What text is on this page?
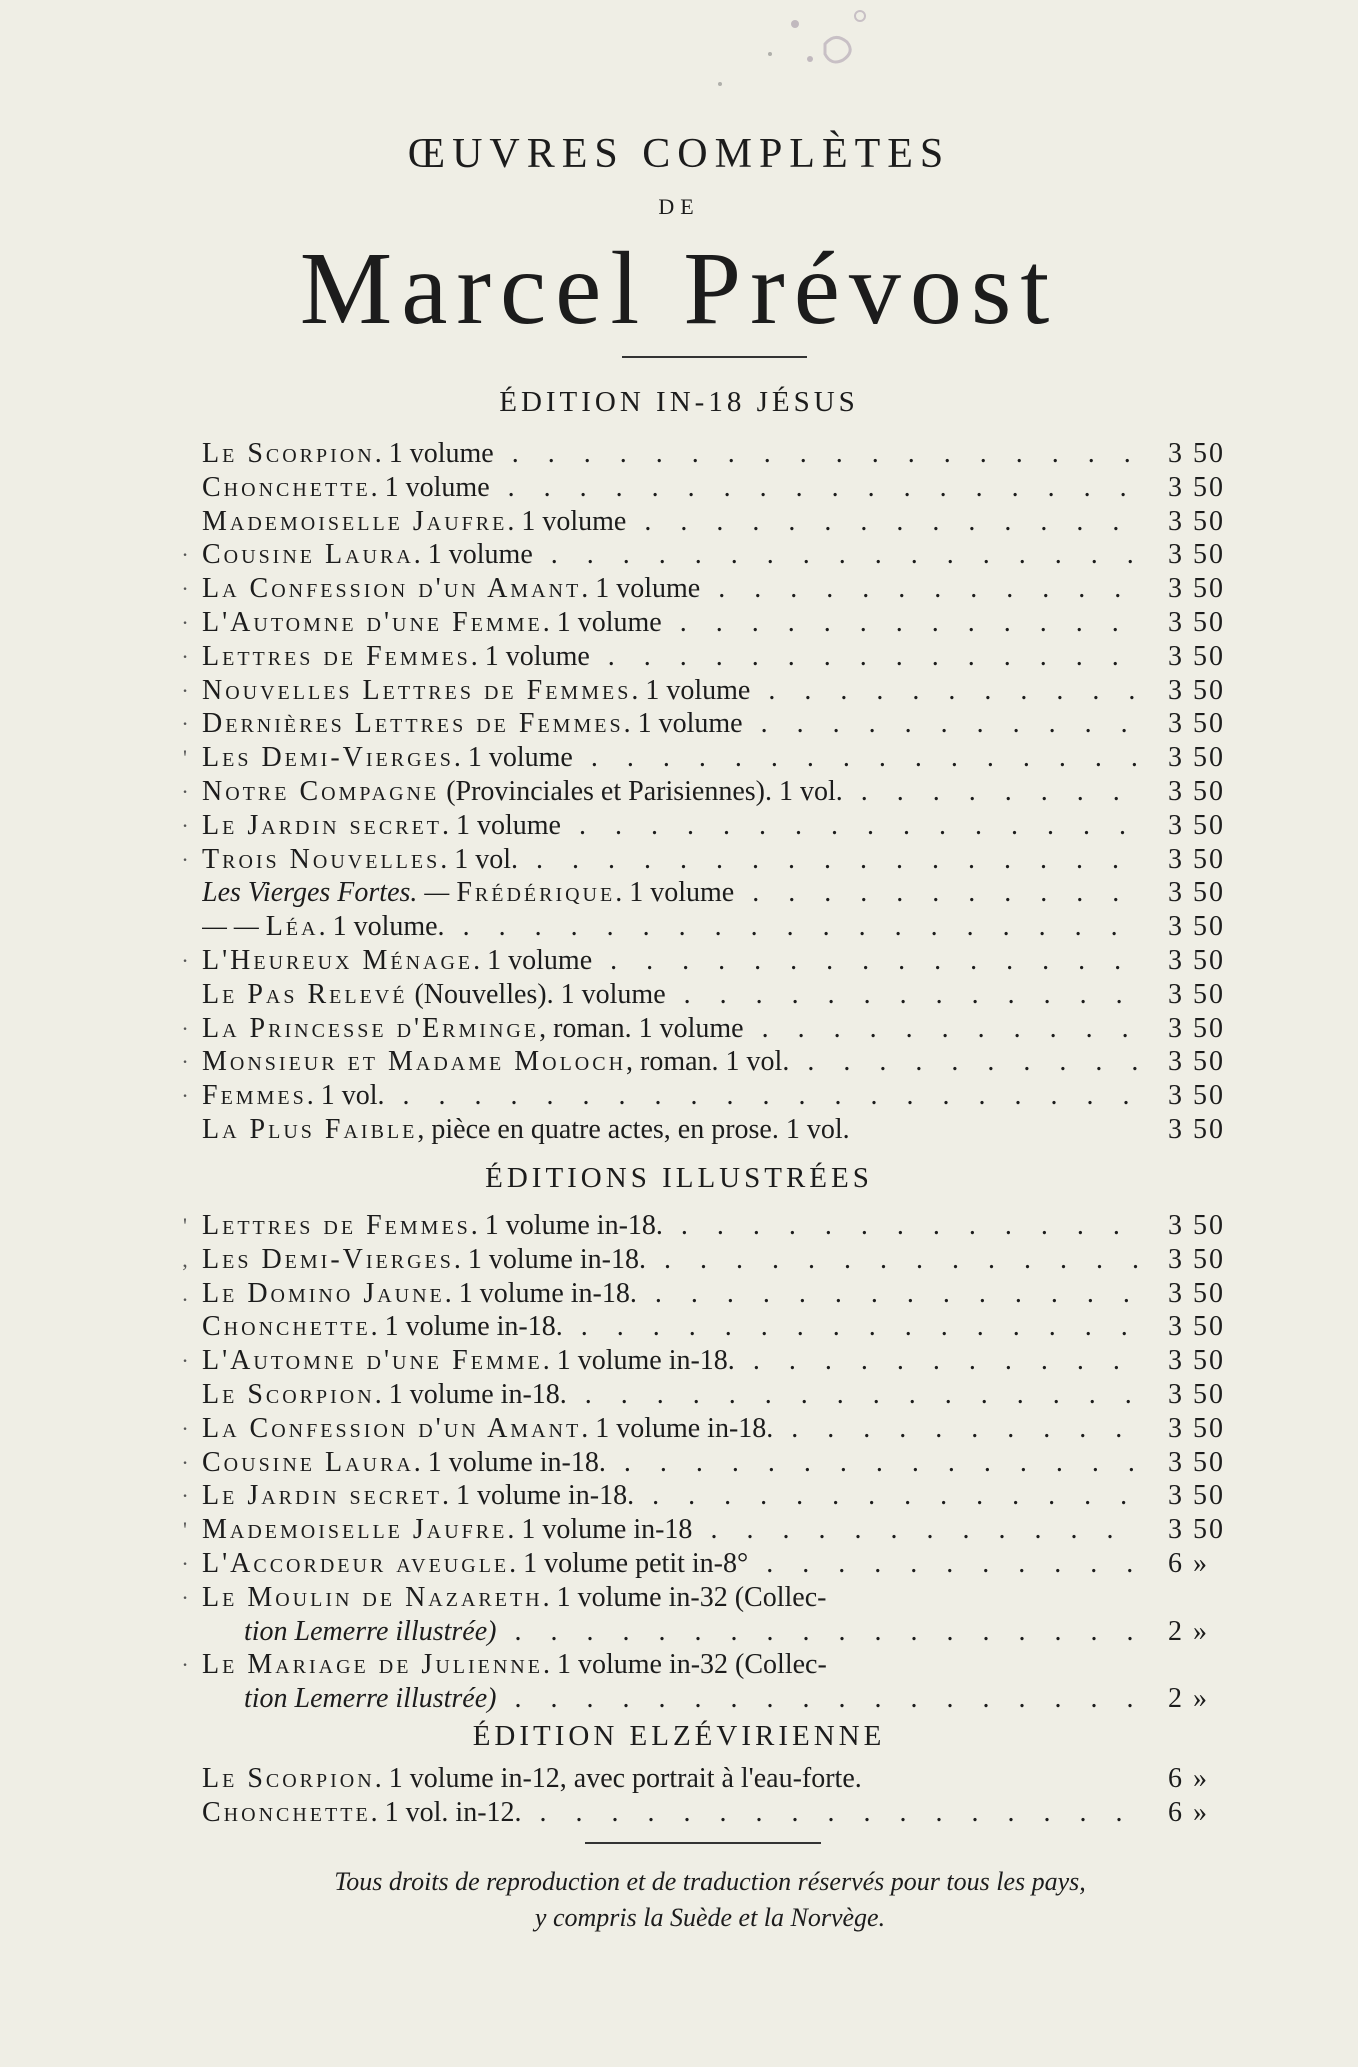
ŒUVRES COMPLÈTES
DE
Marcel Prévost
ÉDITION IN-18 JÉSUS
Le Scorpion. 1 volume . . .	3 50
Chonchette. 1 volume . . .	3 50
Mademoiselle Jaufre. 1 volume . . .	3 50
· Cousine Laura. 1 volume . . .	3 50
· La Confession d'un Amant. 1 volume . . .	3 50
· L'Automne d'une Femme. 1 volume . . .	3 50
· Lettres de Femmes. 1 volume . . .	3 50
· Nouvelles Lettres de Femmes. 1 volume . . .	3 50
· Dernières Lettres de Femmes. 1 volume . . .	3 50
' Les Demi-Vierges. 1 volume . . .	3 50
· Notre Compagne (Provinciales et Parisiennes). 1 vol. . . .	3 50
· Le Jardin secret. 1 volume . . .	3 50
· Trois Nouvelles. 1 vol. . . .	3 50
Les Vierges Fortes. — Frédérique. 1 volume . . .	3 50
— — Léa. 1 volume. . . .	3 50
· L'Heureux Ménage. 1 volume . . .	3 50
Le Pas Relevé (Nouvelles). 1 volume . . .	3 50
· La Princesse d'Erminge, roman. 1 volume . . .	3 50
· Monsieur et Madame Moloch, roman. 1 vol. . . .	3 50
· Femmes. 1 vol. . . .	3 50
La Plus Faible, pièce en quatre actes, en prose. 1 vol.	3 50
ÉDITIONS ILLUSTRÉES
' Lettres de Femmes. 1 volume in-18. . . .	3 50
, Les Demi-Vierges. 1 volume in-18. . . .	3 50
. Le Domino Jaune. 1 volume in-18. . . .	3 50
Chonchette. 1 volume in-18. . . .	3 50
· L'Automne d'une Femme. 1 volume in-18. . . .	3 50
Le Scorpion. 1 volume in-18. . . .	3 50
· La Confession d'un Amant. 1 volume in-18. . . .	3 50
· Cousine Laura. 1 volume in-18. . . .	3 50
· Le Jardin secret. 1 volume in-18. . . .	3 50
' Mademoiselle Jaufre. 1 volume in-18 . . .	3 50
· L'Accordeur aveugle. 1 volume petit in-8° . . .	6 »
· Le Moulin de Nazareth. 1 volume in-32 (Collec-
tion Lemerre illustrée) . . .	2 »
· Le Mariage de Julienne. 1 volume in-32 (Collec-
tion Lemerre illustrée) . . .	2 »
ÉDITION ELZÉVIRIENNE
Le Scorpion. 1 volume in-12, avec portrait à l'eau-forte.	6 »
Chonchette. 1 vol. in-12. . . .	6 »
Tous droits de reproduction et de traduction réservés pour tous les pays,
y compris la Suède et la Norvège.
